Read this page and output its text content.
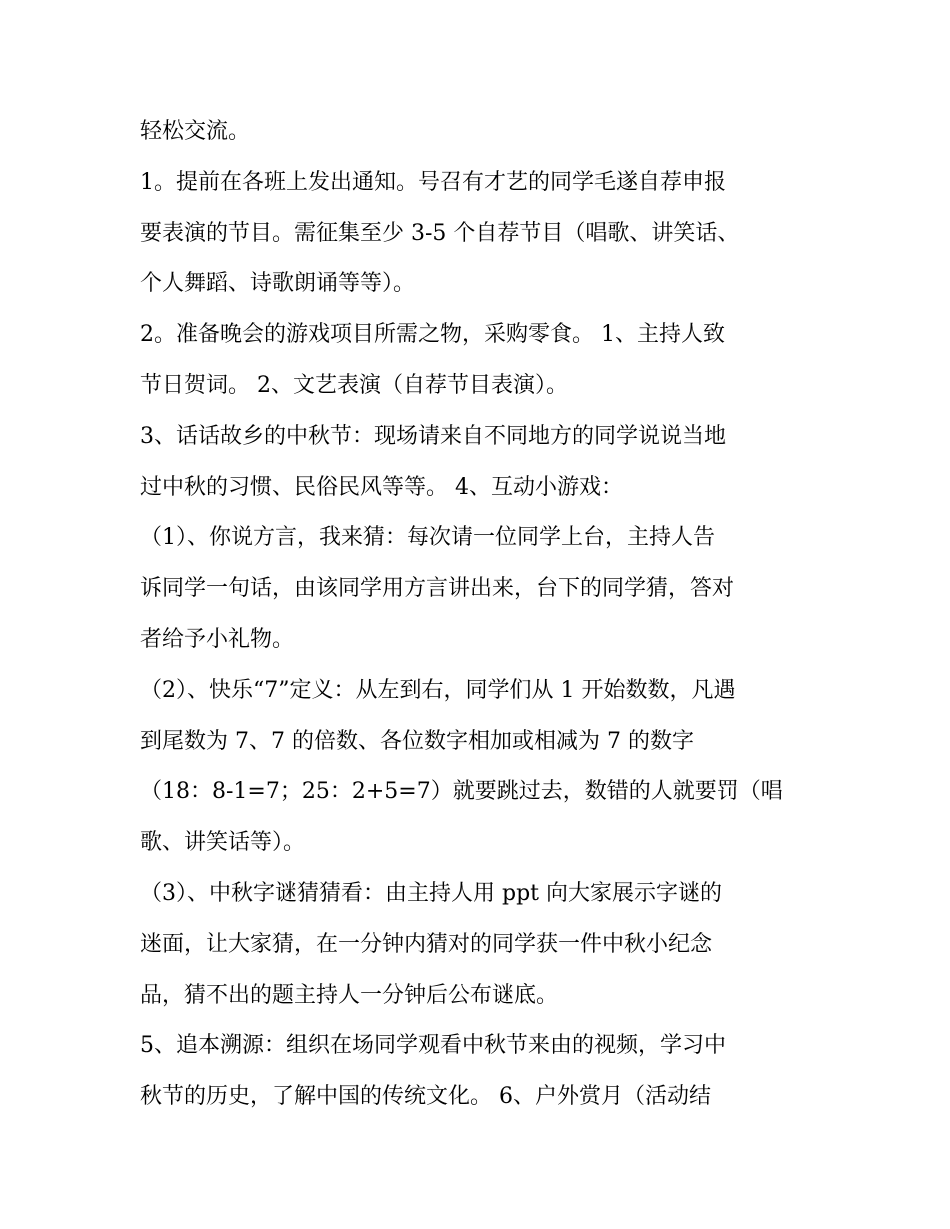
轻松交流。
1。提前在各班上发出通知。号召有才艺的同学毛遂自荐申报
要表演的节目。需征集至少 3-5 个自荐节目（唱歌、讲笑话、
个人舞蹈、诗歌朗诵等等）。
2。准备晚会的游戏项目所需之物，采购零食。 1、主持人致
节日贺词。 2、文艺表演（自荐节目表演）。
3、话话故乡的中秋节：现场请来自不同地方的同学说说当地
过中秋的习惯、民俗民风等等。 4、互动小游戏：
（1）、你说方言，我来猜：每次请一位同学上台，主持人告
诉同学一句话，由该同学用方言讲出来，台下的同学猜，答对
者给予小礼物。
（2）、快乐“7”定义：从左到右，同学们从 1 开始数数，凡遇
到尾数为 7、7 的倍数、各位数字相加或相减为 7 的数字
（18：8-1=7；25：2+5=7）就要跳过去，数错的人就要罚（唱
歌、讲笑话等）。
（3）、中秋字谜猜猜看：由主持人用 ppt 向大家展示字谜的
迷面，让大家猜，在一分钟内猜对的同学获一件中秋小纪念
品，猜不出的题主持人一分钟后公布谜底。
5、追本溯源：组织在场同学观看中秋节来由的视频，学习中
秋节的历史，了解中国的传统文化。 6、户外赏月（活动结
